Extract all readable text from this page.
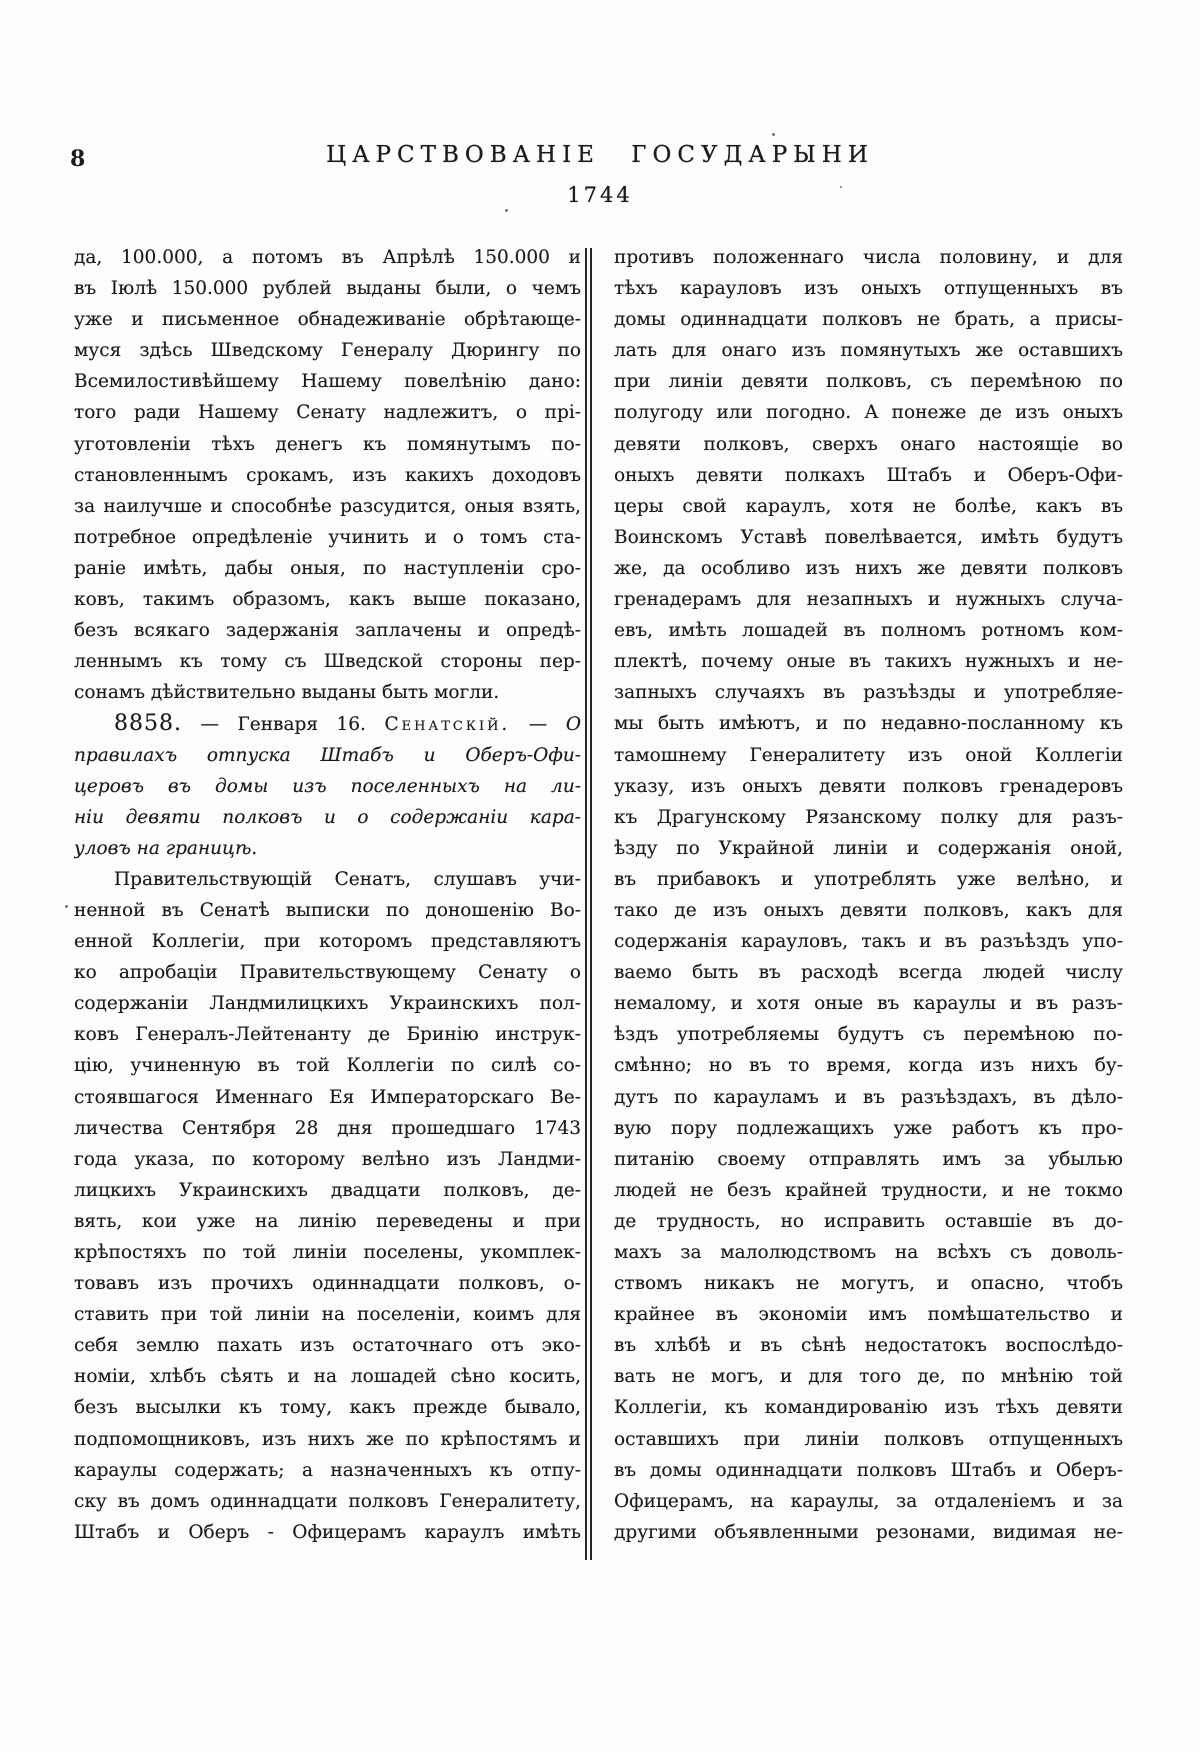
8	ЦАРСТВОВАНІЕ ГОСУДАРЫНИ
1744
да, 100.000, а потомъ въ Апрѣлѣ 150.000 и
въ Іюлѣ 150.000 рублей выданы были, о чемъ
уже и письменное обнадеживаніе обрѣтающе-
муся здѣсь Шведскому Генералу Дюрингу по
Всемилостивѣйшему Нашему повелѣнію дано:
того ради Нашему Сенату надлежитъ, о прі-
уготовленіи тѣхъ денегъ къ помянутымъ по-
становленнымъ срокамъ, изъ какихъ доходовъ
за наилучше и способнѣе разсудится, оныя взять,
потребное опредѣленіе учинить и о томъ ста-
раніе имѣть, дабы оныя, по наступленіи сро-
ковъ, такимъ образомъ, какъ выше показано,
безъ всякаго задержанія заплачены и опредѣ-
леннымъ къ тому съ Шведской стороны пер-
сонамъ дѣйствительно выданы быть могли.
8858. — Генваря 16. Сенатскій. — О
правилахъ отпуска Штабъ и Оберъ-Офи-
церовъ въ домы изъ поселенныхъ на ли-
ніи девяти полковъ и о содержаніи кара-
уловъ на границѣ.
Правительствующій Сенатъ, слушавъ учи-
ненной въ Сенатѣ выписки по доношенію Во-
енной Коллегіи, при которомъ представляютъ
ко апробаціи Правительствующему Сенату о
содержаніи Ландмилицкихъ Украинскихъ пол-
ковъ Генералъ-Лейтенанту де Бринію инструк-
цію, учиненную въ той Коллегіи по силѣ со-
стоявшагося Именнаго Ея Императорскаго Ве-
личества Сентября 28 дня прошедшаго 1743
года указа, по которому велѣно изъ Ландми-
лицкихъ Украинскихъ двадцати полковъ, де-
вять, кои уже на линію переведены и при
крѣпостяхъ по той линіи поселены, укомплек-
товавъ изъ прочихъ одиннадцати полковъ, о-
ставить при той линіи на поселеніи, коимъ для
себя землю пахать изъ остаточнаго отъ эко-
номіи, хлѣбъ сѣять и на лошадей сѣно косить,
безъ высылки къ тому, какъ прежде бывало,
подпомощниковъ, изъ нихъ же по крѣпостямъ и
караулы содержать; а назначенныхъ къ отпу-
ску въ домъ одиннадцати полковъ Генералитету,
Штабъ и Оберъ - Офицерамъ караулъ имѣть
противъ положеннаго числа половину, и для
тѣхъ карауловъ изъ оныхъ отпущенныхъ въ
домы одиннадцати полковъ не брать, а присы-
лать для онаго изъ помянутыхъ же оставшихъ
при линіи девяти полковъ, съ перемѣною по
полугоду или погодно. А понеже де изъ оныхъ
девяти полковъ, сверхъ онаго настоящіе во
оныхъ девяти полкахъ Штабъ и Оберъ-Офи-
церы свой караулъ, хотя не болѣе, какъ въ
Воинскомъ Уставѣ повелѣвается, имѣть будутъ
же, да особливо изъ нихъ же девяти полковъ
гренадерамъ для незапныхъ и нужныхъ случа-
евъ, имѣть лошадей въ полномъ ротномъ ком-
плектѣ, почему оные въ такихъ нужныхъ и не-
запныхъ случаяхъ въ разъѣзды и употребляе-
мы быть имѣютъ, и по недавно-посланному къ
тамошнему Генералитету изъ оной Коллегіи
указу, изъ оныхъ девяти полковъ гренадеровъ
къ Драгунскому Рязанскому полку для разъ-
ѣзду по Украйной линіи и содержанія оной,
въ прибавокъ и употреблять уже велѣно, и
тако де изъ оныхъ девяти полковъ, какъ для
содержанія карауловъ, такъ и въ разъѣздъ упо-
ваемо быть въ расходѣ всегда людей числу
немалому, и хотя оные въ караулы и въ разъ-
ѣздъ употребляемы будутъ съ перемѣною по-
смѣнно; но въ то время, когда изъ нихъ бу-
дутъ по карауламъ и въ разъѣздахъ, въ дѣло-
вую пору подлежащихъ уже работъ къ про-
питанію своему отправлять имъ за убылью
людей не безъ крайней трудности, и не токмо
де трудность, но исправить оставшіе въ до-
махъ за малолюдствомъ на всѣхъ съ доволь-
ствомъ никакъ не могутъ, и опасно, чтобъ
крайнее въ экономіи имъ помѣшательство и
въ хлѣбѣ и въ сѣнѣ недостатокъ воспослѣдо-
вать не могъ, и для того де, по мнѣнію той
Коллегіи, къ командированію изъ тѣхъ девяти
оставшихъ при линіи полковъ отпущенныхъ
въ домы одиннадцати полковъ Штабъ и Оберъ-
Офицерамъ, на караулы, за отдаленіемъ и за
другими объявленными резонами, видимая не-
